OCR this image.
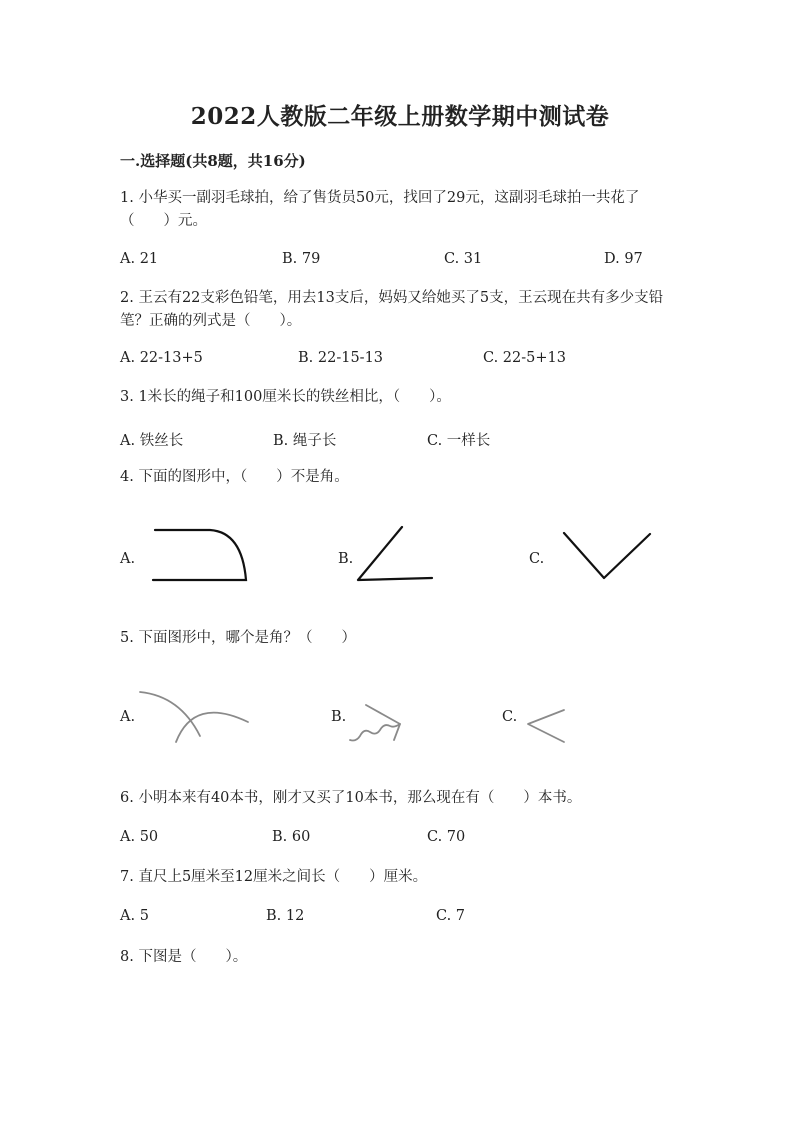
2022人教版二年级上册数学期中测试卷
一.选择题(共8题，共16分)
1. 小华买一副羽毛球拍，给了售货员50元，找回了29元，这副羽毛球拍一共花了（　　）元。
A. 21	B. 79	C. 31	D. 97
2. 王云有22支彩色铅笔，用去13支后，妈妈又给她买了5支，王云现在共有多少支铅笔？正确的列式是（　　）。
A. 22-13+5	B. 22-15-13	C. 22-5+13
3. 1米长的绳子和100厘米长的铁丝相比，（　　）。
A. 铁丝长	B. 绳子长	C. 一样长
4. 下面的图形中，（　　）不是角。
A.	B.	C.
5. 下面图形中，哪个是角？（　　）
A.	B.	C.
6. 小明本来有40本书，刚才又买了10本书，那么现在有（　　）本书。
A. 50	B. 60	C. 70
7. 直尺上5厘米至12厘米之间长（　　）厘米。
A. 5	B. 12	C. 7
8. 下图是（　　）。
